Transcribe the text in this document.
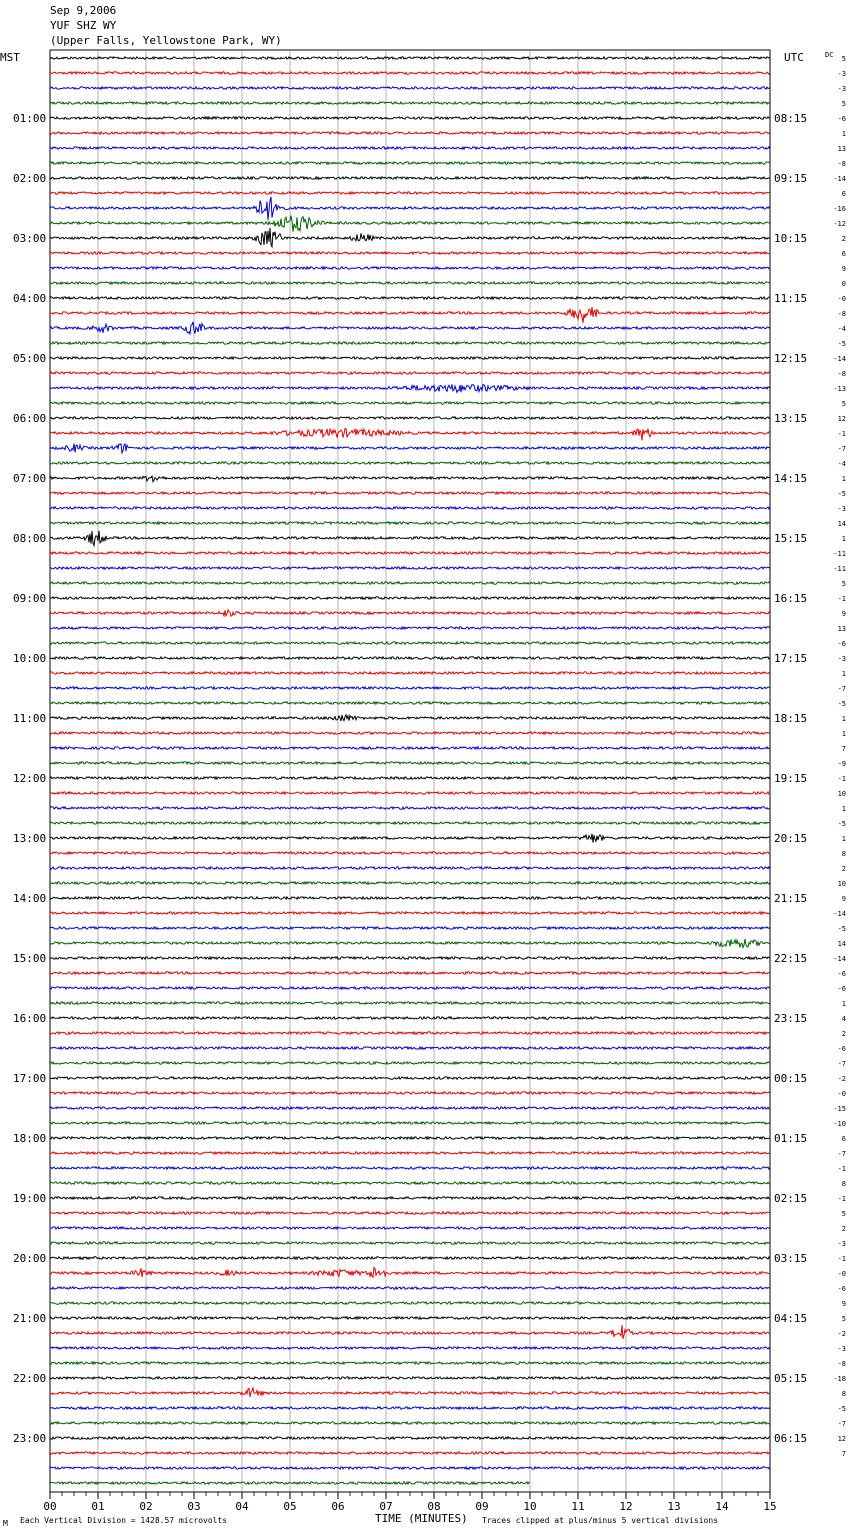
Sep 9,2006
YUF SHZ WY
(Upper Falls, Yellowstone Park, WY)
00	01	02	03	04	05	06	07	08	09	10	11	12	13	14	15
01:00
02:00
03:00
04:00
05:00
06:00
07:00
08:00
09:00
10:00
11:00
12:00
13:00
14:00
15:00
16:00
17:00
18:00
19:00
20:00
21:00
22:00
23:00
08:15
09:15
10:15
11:15
12:15
13:15
14:15
15:15
16:15
17:15
18:15
19:15
20:15
21:15
22:15
23:15
00:15
01:15
02:15
03:15
04:15
05:15
06:15
5
-3
-3
5
-6
1
13
-8
-14
6
-16
-12
2
6
9
0
-0
-8
-4
-5
-14
-8
-13
5
12
-1
-7
-4
1
-5
-3
14
1
-11
-11
5
-1
9
13
-6
-3
1
-7
-5
1
1
7
-9
-1
10
1
-5
1
8
2
10
9
-14
-5
14
-14
-6
-6
1
4
2
-6
-7
-2
-0
-15
-10
6
-7
-1
8
-1
5
2
-3
-1
-0
-6
9
5
-2
-3
-8
-18
8
-5
-7
12
7
MST	UTC	DC
TIME (MINUTES)
M Each Vertical Division = 1428.57 microvolts	Traces clipped at plus/minus 5 vertical divisions
